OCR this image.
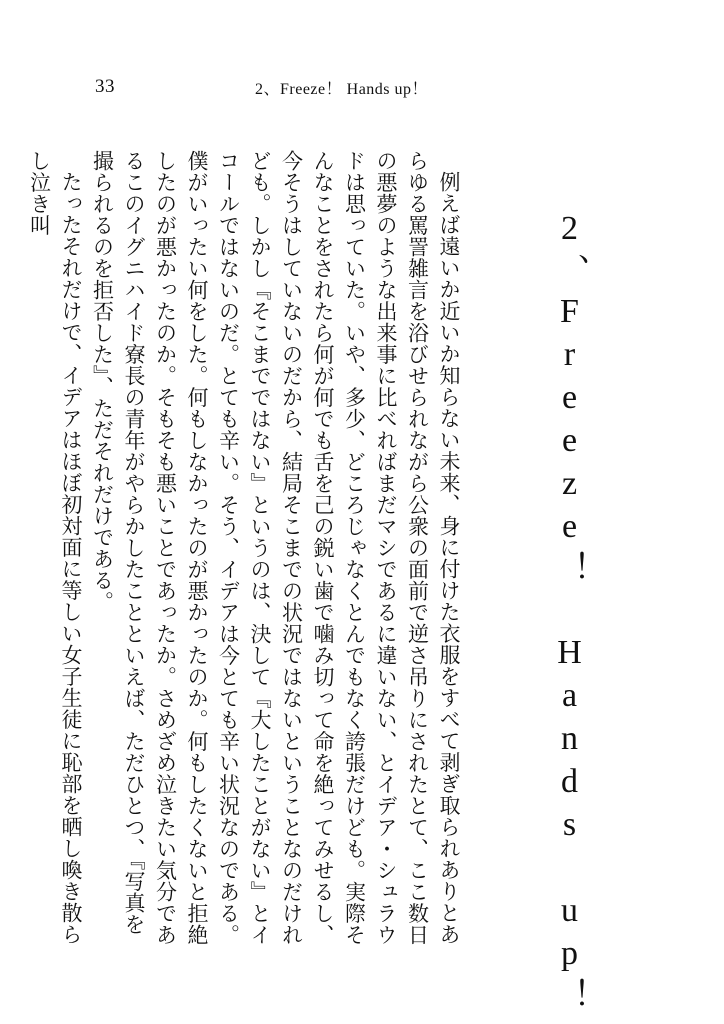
33	2、Freeze！ Hands up！
2、Freeze！ Hands up！

例えば遠いか近いか知らない未来、身に付けた衣服をすべて剥ぎ取られありとあらゆる罵詈雑言を浴びせられながら公衆の面前で逆さ吊りにされたとて、ここ数日の悪夢のような出来事に比べればまだマシであるに違いない、とイデア・シュラウドは思っていた。いや、多少、どころじゃなくとんでもなく誇張だけども。実際そんなことをされたら何が何でも舌を己の鋭い歯で噛み切って命を絶ってみせるし、今そうはしていないのだから、結局そこまでの状況ではないということなのだけれども。しかし『そこまでではない』というのは、決して『大したことがない』とイコールではないのだ。とても辛い。そう、イデアは今とても辛い状況なのである。僕がいったい何をした。何もしなかったのが悪かったのか。何もしたくないと拒絶したのが悪かったのか。そもそも悪いことであったか。さめざめ泣きたい気分であるこのイグニハイド寮長の青年がやらかしたことといえば、ただひとつ、『写真を撮られるのを拒否した』、ただそれだけである。

たったそれだけで、イデアはほぼ初対面に等しい女子生徒に恥部を晒し喚き散らし泣き叫
